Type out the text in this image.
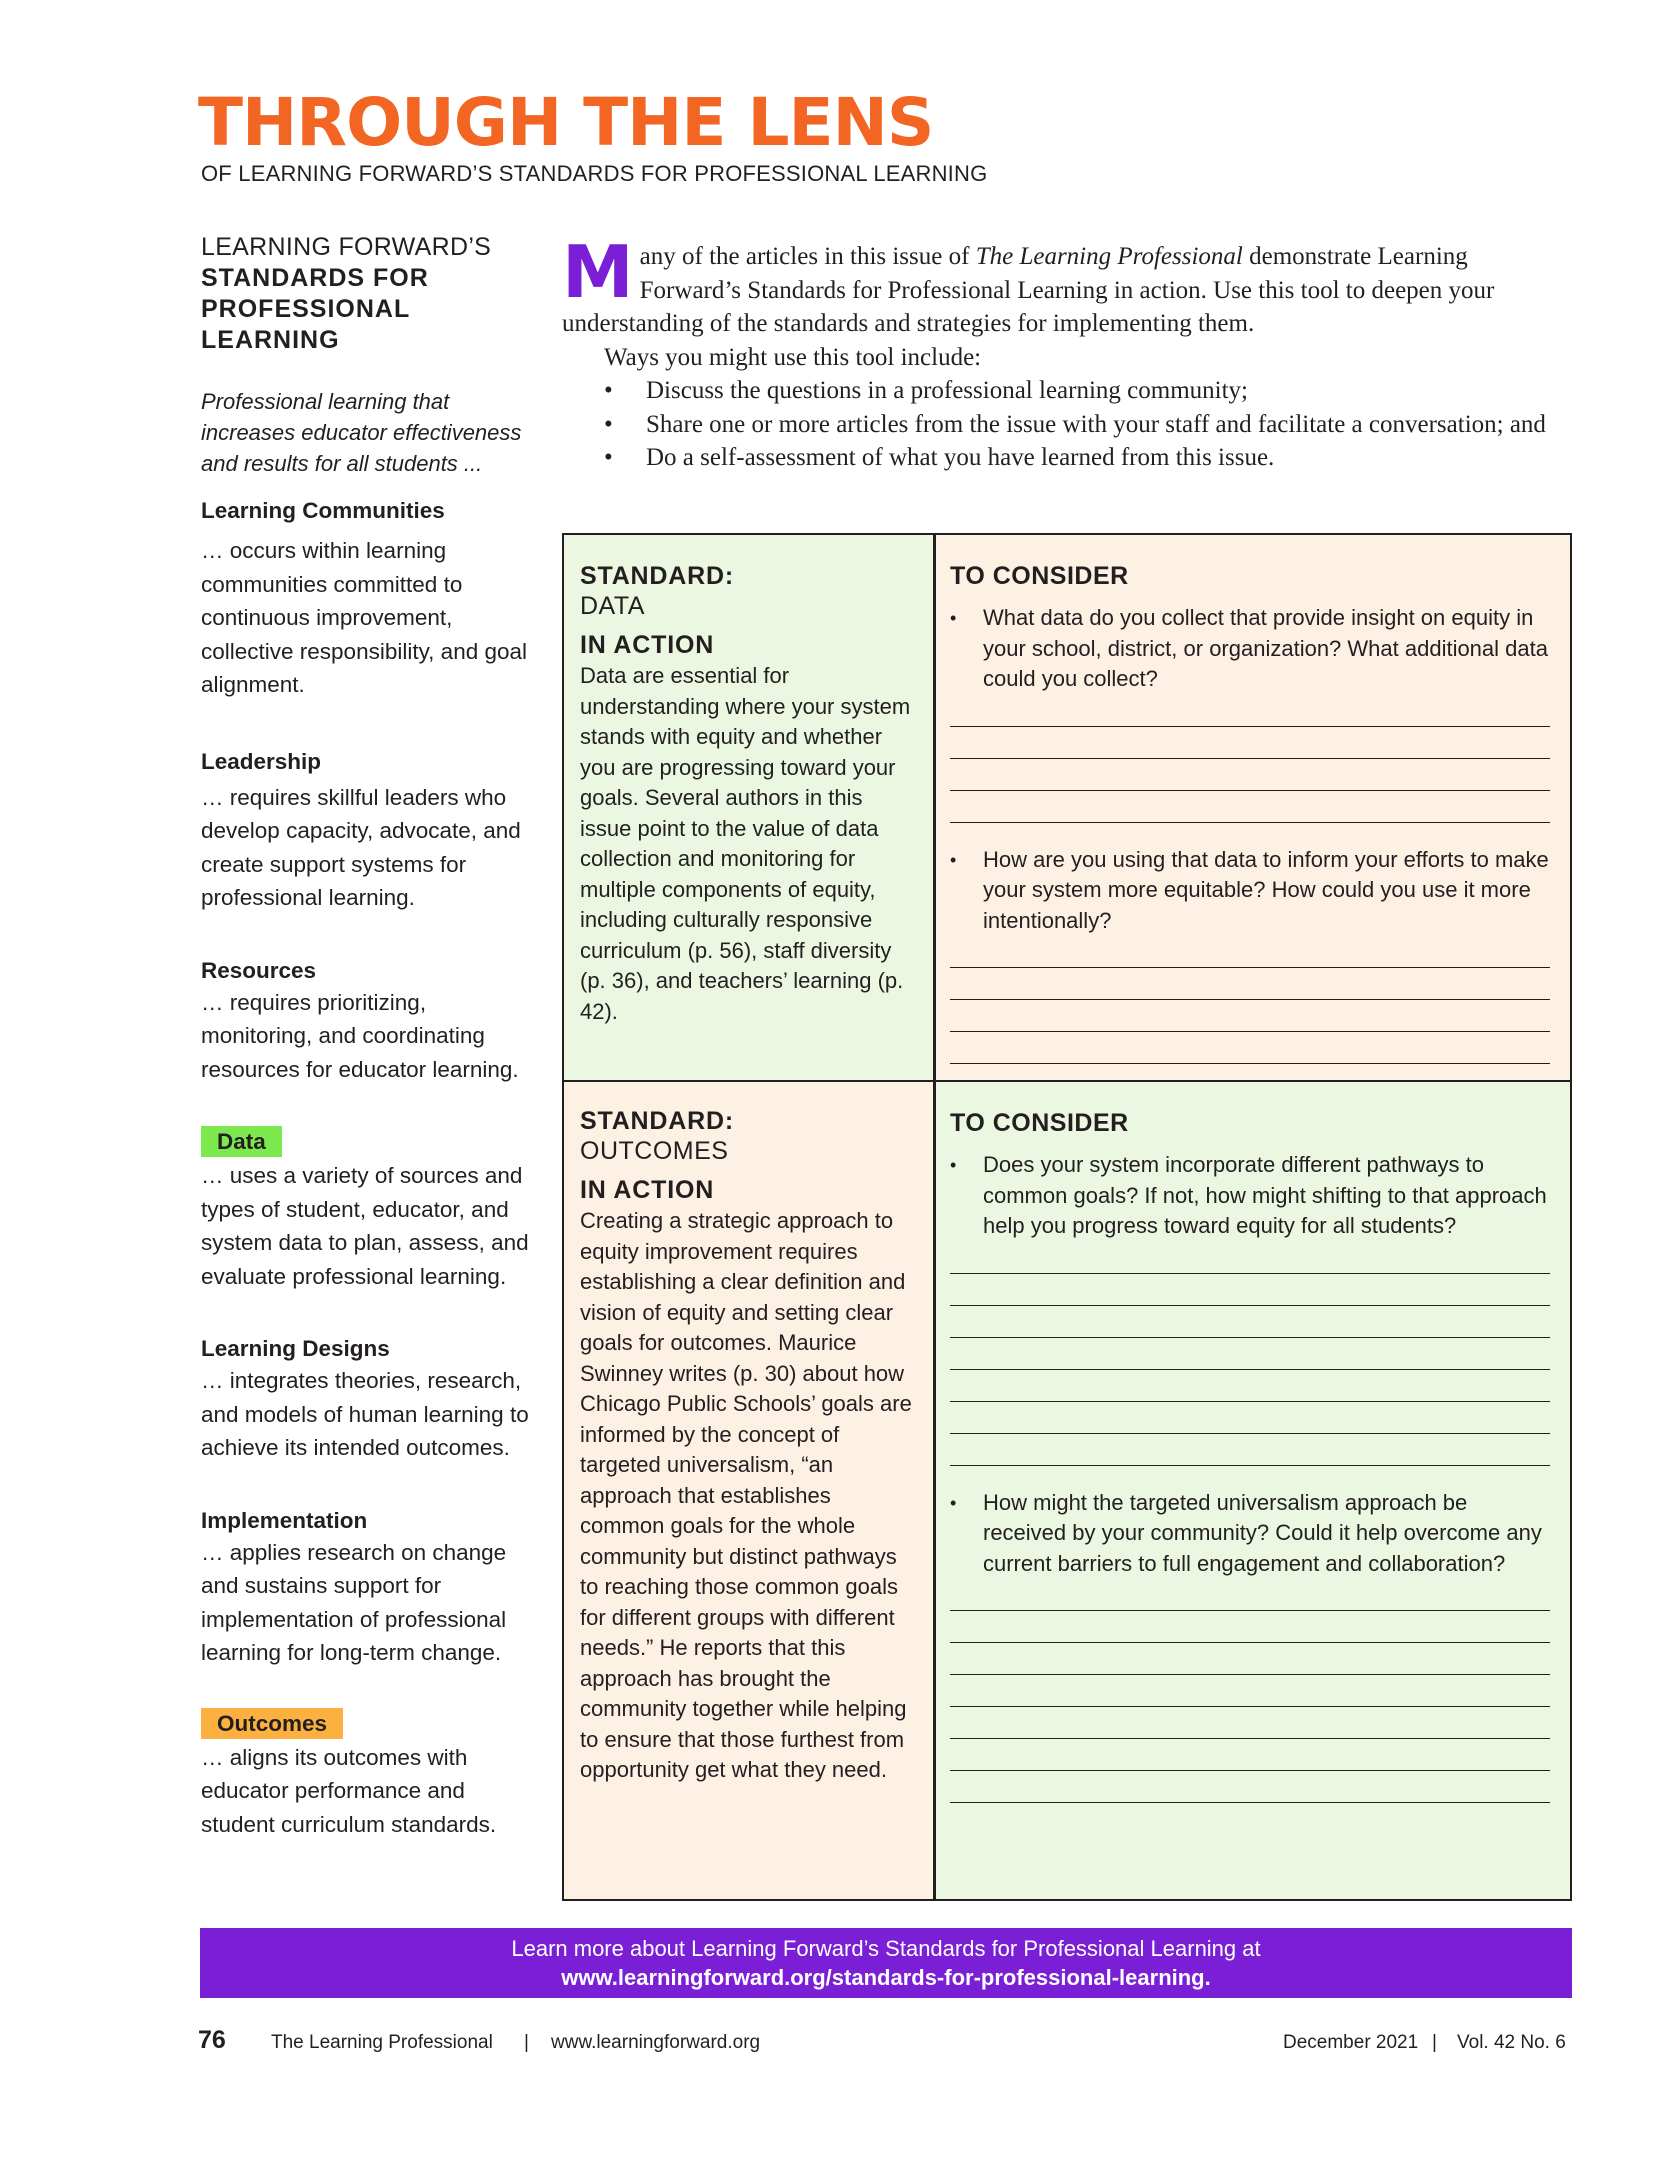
THROUGH THE LENS
OF LEARNING FORWARD’S STANDARDS FOR PROFESSIONAL LEARNING
LEARNING FORWARD’S
STANDARDS FOR
PROFESSIONAL
LEARNING
Professional learning that increases educator effectiveness and results for all students ...
Learning Communities
… occurs within learning communities committed to continuous improvement, collective responsibility, and goal alignment.
Leadership
… requires skillful leaders who develop capacity, advocate, and create support systems for professional learning.
Resources
… requires prioritizing, monitoring, and coordinating resources for educator learning.
Data
… uses a variety of sources and types of student, educator, and system data to plan, assess, and evaluate professional learning.
Learning Designs
… integrates theories, research, and models of human learning to achieve its intended outcomes.
Implementation
… applies research on change and sustains support for implementation of professional learning for long-term change.
Outcomes
… aligns its outcomes with educator performance and student curriculum standards.
Many of the articles in this issue of The Learning Professional demonstrate Learning Forward’s Standards for Professional Learning in action. Use this tool to deepen your understanding of the standards and strategies for implementing them.
Ways you might use this tool include:
• Discuss the questions in a professional learning community;
• Share one or more articles from the issue with your staff and facilitate a conversation; and
• Do a self-assessment of what you have learned from this issue.
STANDARD:
DATA
IN ACTION
Data are essential for understanding where your system stands with equity and whether you are progressing toward your goals. Several authors in this issue point to the value of data collection and monitoring for multiple components of equity, including culturally responsive curriculum (p. 56), staff diversity (p. 36), and teachers’ learning (p. 42).
TO CONSIDER
• What data do you collect that provide insight on equity in your school, district, or organization? What additional data could you collect?
• How are you using that data to inform your efforts to make your system more equitable? How could you use it more intentionally?
STANDARD:
OUTCOMES
IN ACTION
Creating a strategic approach to equity improvement requires establishing a clear definition and vision of equity and setting clear goals for outcomes. Maurice Swinney writes (p. 30) about how Chicago Public Schools’ goals are informed by the concept of targeted universalism, “an approach that establishes common goals for the whole community but distinct pathways to reaching those common goals for different groups with different needs.” He reports that this approach has brought the community together while helping to ensure that those furthest from opportunity get what they need.
TO CONSIDER
• Does your system incorporate different pathways to common goals? If not, how might shifting to that approach help you progress toward equity for all students?
• How might the targeted universalism approach be received by your community? Could it help overcome any current barriers to full engagement and collaboration?
Learn more about Learning Forward’s Standards for Professional Learning at
www.learningforward.org/standards-for-professional-learning.
76 The Learning Professional | www.learningforward.org	December 2021 | Vol. 42 No. 6
